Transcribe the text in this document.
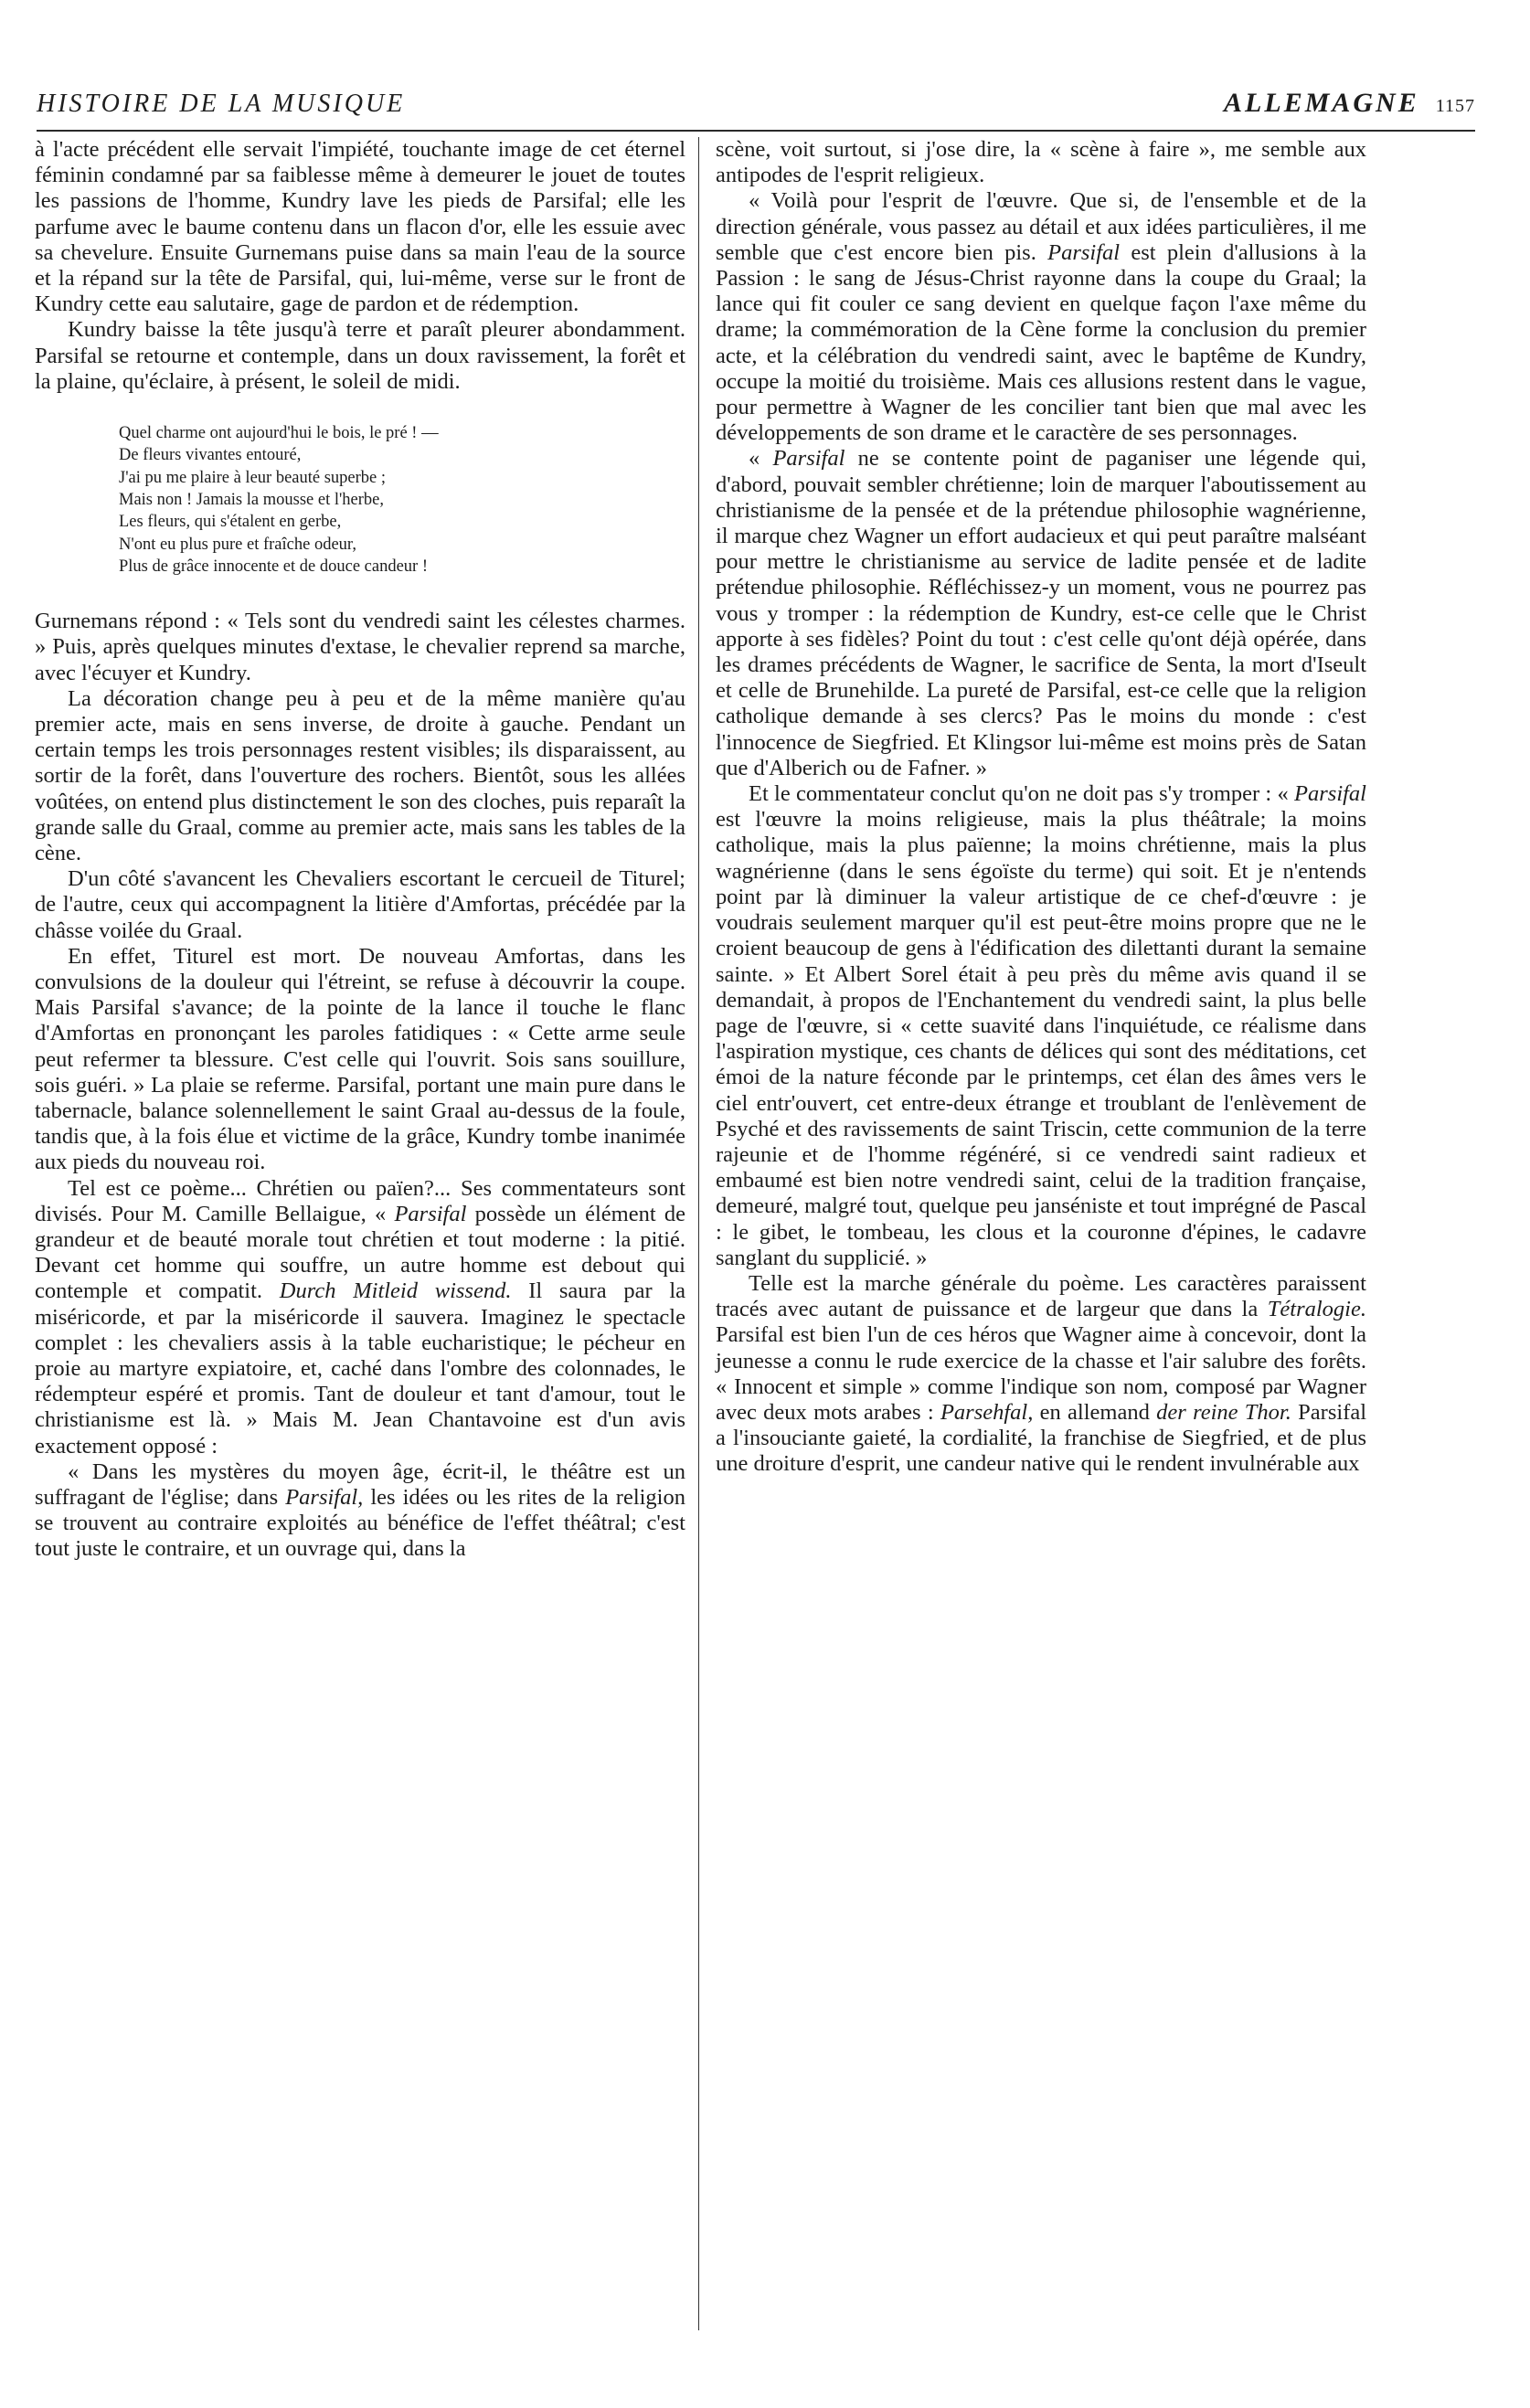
HISTOIRE DE LA MUSIQUE	ALLEMAGNE 1157

à l'acte précédent elle servait l'impiété, touchante image de cet éternel féminin condamné par sa faiblesse même à demeurer le jouet de toutes les passions de l'homme, Kundry lave les pieds de Parsifal; elle les parfume avec le baume contenu dans un flacon d'or, elle les essuie avec sa chevelure. Ensuite Gurnemans puise dans sa main l'eau de la source et la répand sur la tête de Parsifal, qui, lui-même, verse sur le front de Kundry cette eau salutaire, gage de pardon et de rédemption.

Kundry baisse la tête jusqu'à terre et paraît pleurer abondamment. Parsifal se retourne et contemple, dans un doux ravissement, la forêt et la plaine, qu'éclaire, à présent, le soleil de midi.

Quel charme ont aujourd'hui le bois, le pré ! —
De fleurs vivantes entouré,
J'ai pu me plaire à leur beauté superbe ;
Mais non ! Jamais la mousse et l'herbe,
Les fleurs, qui s'étalent en gerbe,
N'ont eu plus pure et fraîche odeur,
Plus de grâce innocente et de douce candeur !

Gurnemans répond : « Tels sont du vendredi saint les célestes charmes. » Puis, après quelques minutes d'extase, le chevalier reprend sa marche, avec l'écuyer et Kundry.

La décoration change peu à peu et de la même manière qu'au premier acte, mais en sens inverse, de droite à gauche. Pendant un certain temps les trois personnages restent visibles; ils disparaissent, au sortir de la forêt, dans l'ouverture des rochers. Bientôt, sous les allées voûtées, on entend plus distinctement le son des cloches, puis reparaît la grande salle du Graal, comme au premier acte, mais sans les tables de la cène.

D'un côté s'avancent les Chevaliers escortant le cercueil de Titurel; de l'autre, ceux qui accompagnent la litière d'Amfortas, précédée par la châsse voilée du Graal.

En effet, Titurel est mort. De nouveau Amfortas, dans les convulsions de la douleur qui l'étreint, se refuse à découvrir la coupe. Mais Parsifal s'avance; de la pointe de la lance il touche le flanc d'Amfortas en prononçant les paroles fatidiques : « Cette arme seule peut refermer ta blessure. C'est celle qui l'ouvrit. Sois sans souillure, sois guéri. » La plaie se referme. Parsifal, portant une main pure dans le tabernacle, balance solennellement le saint Graal au-dessus de la foule, tandis que, à la fois élue et victime de la grâce, Kundry tombe inanimée aux pieds du nouveau roi.

Tel est ce poème... Chrétien ou païen?... Ses commentateurs sont divisés. Pour M. Camille Bellaigue, « Parsifal possède un élément de grandeur et de beauté morale tout chrétien et tout moderne : la pitié. Devant cet homme qui souffre, un autre homme est debout qui contemple et compatit. Durch Mitleid wissend. Il saura par la miséricorde, et par la miséricorde il sauvera. Imaginez le spectacle complet : les chevaliers assis à la table eucharistique; le pécheur en proie au martyre expiatoire, et, caché dans l'ombre des colonnades, le rédempteur espéré et promis. Tant de douleur et tant d'amour, tout le christianisme est là. » Mais M. Jean Chantavoine est d'un avis exactement opposé :

« Dans les mystères du moyen âge, écrit-il, le théâtre est un suffragant de l'église; dans Parsifal, les idées ou les rites de la religion se trouvent au contraire exploités au bénéfice de l'effet théâtral; c'est tout juste le contraire, et un ouvrage qui, dans la

scène, voit surtout, si j'ose dire, la « scène à faire », me semble aux antipodes de l'esprit religieux.

« Voilà pour l'esprit de l'œuvre. Que si, de l'ensemble et de la direction générale, vous passez au détail et aux idées particulières, il me semble que c'est encore bien pis. Parsifal est plein d'allusions à la Passion : le sang de Jésus-Christ rayonne dans la coupe du Graal; la lance qui fit couler ce sang devient en quelque façon l'axe même du drame; la commémoration de la Cène forme la conclusion du premier acte, et la célébration du vendredi saint, avec le baptême de Kundry, occupe la moitié du troisième. Mais ces allusions restent dans le vague, pour permettre à Wagner de les concilier tant bien que mal avec les développements de son drame et le caractère de ses personnages.

« Parsifal ne se contente point de paganiser une légende qui, d'abord, pouvait sembler chrétienne; loin de marquer l'aboutissement au christianisme de la pensée et de la prétendue philosophie wagnérienne, il marque chez Wagner un effort audacieux et qui peut paraître malséant pour mettre le christianisme au service de ladite pensée et de ladite prétendue philosophie. Réfléchissez-y un moment, vous ne pourrez pas vous y tromper : la rédemption de Kundry, est-ce celle que le Christ apporte à ses fidèles? Point du tout : c'est celle qu'ont déjà opérée, dans les drames précédents de Wagner, le sacrifice de Senta, la mort d'Iseult et celle de Brunehilde. La pureté de Parsifal, est-ce celle que la religion catholique demande à ses clercs? Pas le moins du monde : c'est l'innocence de Siegfried. Et Klingsor lui-même est moins près de Satan que d'Alberich ou de Fafner. »

Et le commentateur conclut qu'on ne doit pas s'y tromper : « Parsifal est l'œuvre la moins religieuse, mais la plus théâtrale; la moins catholique, mais la plus païenne; la moins chrétienne, mais la plus wagnérienne (dans le sens égoïste du terme) qui soit. Et je n'entends point par là diminuer la valeur artistique de ce chef-d'œuvre : je voudrais seulement marquer qu'il est peut-être moins propre que ne le croient beaucoup de gens à l'édification des dilettanti durant la semaine sainte. » Et Albert Sorel était à peu près du même avis quand il se demandait, à propos de l'Enchantement du vendredi saint, la plus belle page de l'œuvre, si « cette suavité dans l'inquiétude, ce réalisme dans l'aspiration mystique, ces chants de délices qui sont des méditations, cet émoi de la nature féconde par le printemps, cet élan des âmes vers le ciel entr'ouvert, cet entre-deux étrange et troublant de l'enlèvement de Psyché et des ravissements de saint Triscin, cette communion de la terre rajeunie et de l'homme régénéré, si ce vendredi saint radieux et embaumé est bien notre vendredi saint, celui de la tradition française, demeuré, malgré tout, quelque peu janséniste et tout imprégné de Pascal : le gibet, le tombeau, les clous et la couronne d'épines, le cadavre sanglant du supplicié. »

Telle est la marche générale du poème. Les caractères paraissent tracés avec autant de puissance et de largeur que dans la Tétralogie. Parsifal est bien l'un de ces héros que Wagner aime à concevoir, dont la jeunesse a connu le rude exercice de la chasse et l'air salubre des forêts. « Innocent et simple » comme l'indique son nom, composé par Wagner avec deux mots arabes : Parsehfal, en allemand der reine Thor. Parsifal a l'insouciante gaieté, la cordialité, la franchise de Siegfried, et de plus une droiture d'esprit, une candeur native qui le rendent invulnérable aux
